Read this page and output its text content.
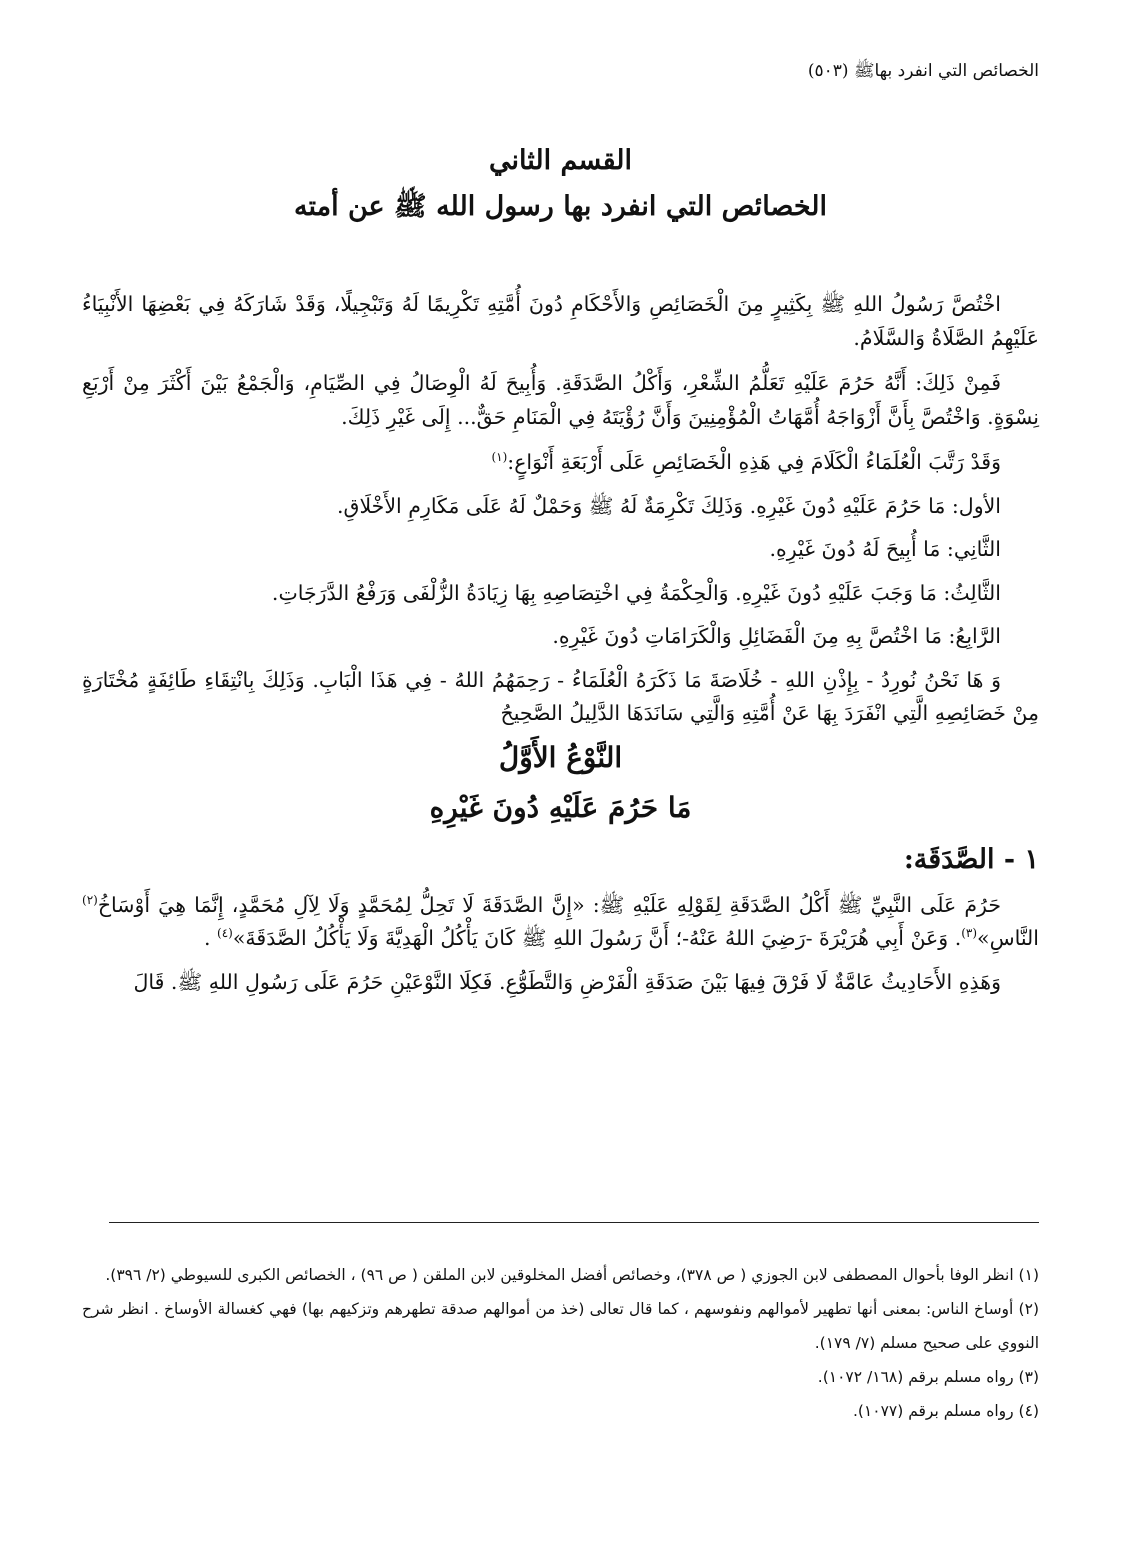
الخصائص التي انفرد بهاﷺ (٥٠٣)
القسم الثاني
الخصائص التي انفرد بها رسول الله ﷺ عن أمته

اخْتُصَّ رَسُولُ اللهِ ﷺ بِكَثِيرٍ مِنَ الْخَصَائِصِ وَالأَحْكَامِ دُونَ أُمَّتِهِ تَكْرِيمًا لَهُ وَتَبْجِيلًا، وَقَدْ شَارَكَهُ فِي بَعْضِهَا الأَنْبِيَاءُ عَلَيْهِمُ الصَّلَاةُ وَالسَّلَامُ.

فَمِنْ ذَلِكَ: أَنَّهُ حَرُمَ عَلَيْهِ تَعَلُّمُ الشِّعْرِ، وَأَكْلُ الصَّدَقَةِ. وَأُبِيحَ لَهُ الْوِصَالُ فِي الصِّيَامِ، وَالْجَمْعُ بَيْنَ أَكْثَرَ مِنْ أَرْبَعِ نِسْوَةٍ. وَاخْتُصَّ بِأَنَّ أَزْوَاجَهُ أُمَّهَاتُ الْمُؤْمِنِينَ وَأَنَّ رُؤْيَتَهُ فِي الْمَنَامِ حَقٌّ... إِلَى غَيْرِ ذَلِكَ.

وَقَدْ رَتَّبَ الْعُلَمَاءُ الْكَلَامَ فِي هَذِهِ الْخَصَائِصِ عَلَى أَرْبَعَةِ أَنْوَاعٍ:$^{(١)}$

الأول: مَا حَرُمَ عَلَيْهِ دُونَ غَيْرِهِ. وَذَلِكَ تَكْرِمَةٌ لَهُ ﷺ وَحَمْلٌ لَهُ عَلَى مَكَارِمِ الأَخْلَاقِ.

الثَّانِي: مَا أُبِيحَ لَهُ دُونَ غَيْرِهِ.

الثَّالِثُ: مَا وَجَبَ عَلَيْهِ دُونَ غَيْرِهِ. وَالْحِكْمَةُ فِي اخْتِصَاصِهِ بِهَا زِيَادَةُ الزُّلْفَى وَرَفْعُ الدَّرَجَاتِ.

الرَّابِعُ: مَا اخْتُصَّ بِهِ مِنَ الْفَضَائِلِ وَالْكَرَامَاتِ دُونَ غَيْرِهِ.

وَ هَا نَحْنُ نُورِدُ - بِإِذْنِ اللهِ - خُلَاصَةَ مَا ذَكَرَهُ الْعُلَمَاءُ - رَحِمَهُمُ اللهُ - فِي هَذَا الْبَابِ. وَذَلِكَ بِانْتِقَاءِ طَائِفَةٍ مُخْتَارَةٍ مِنْ خَصَائِصِهِ الَّتِي انْفَرَدَ بِهَا عَنْ أُمَّتِهِ وَالَّتِي سَانَدَهَا الدَّلِيلُ الصَّحِيحُ

النَّوْعُ الأَوَّلُ
مَا حَرُمَ عَلَيْهِ دُونَ غَيْرِهِ
١ - الصَّدَقَة:

حَرُمَ عَلَى النَّبِيِّ ﷺ أَكْلُ الصَّدَقَةِ لِقَوْلِهِ عَلَيْهِ ﷺ: «إِنَّ الصَّدَقَةَ لَا تَحِلُّ لِمُحَمَّدٍ وَلَا لِآلِ مُحَمَّدٍ، إِنَّمَا هِيَ أَوْسَاخُ$^{(٢)}$ النَّاسِ»$^{(٣)}$. وَعَنْ أَبِي هُرَيْرَةَ -رَضِيَ اللهُ عَنْهُ-؛ أَنَّ رَسُولَ اللهِ ﷺ كَانَ يَأْكُلُ الْهَدِيَّةَ وَلَا يَأْكُلُ الصَّدَقَةَ»$^{(٤)}$ .

وَهَذِهِ الأَحَادِيثُ عَامَّةٌ لَا فَرْقَ فِيهَا بَيْنَ صَدَقَةِ الْفَرْضِ وَالتَّطَوُّعِ. فَكِلَا النَّوْعَيْنِ حَرُمَ عَلَى رَسُولِ اللهِ ﷺ. قَالَ

(١) انظر الوفا بأحوال المصطفى لابن الجوزي ( ص ٣٧٨)، وخصائص أفضل المخلوقين لابن الملقن ( ص ٩٦) ، الخصائص الكبرى للسيوطي (٢/ ٣٩٦).
(٢) أوساخ الناس: بمعنى أنها تطهير لأموالهم ونفوسهم ، كما قال تعالى (خذ من أموالهم صدقة تطهرهم وتزكيهم بها) فهي كغسالة الأوساخ . انظر شرح النووي على صحيح مسلم (٧/ ١٧٩).
(٣) رواه مسلم برقم (١٦٨/ ١٠٧٢).
(٤) رواه مسلم برقم (١٠٧٧).
